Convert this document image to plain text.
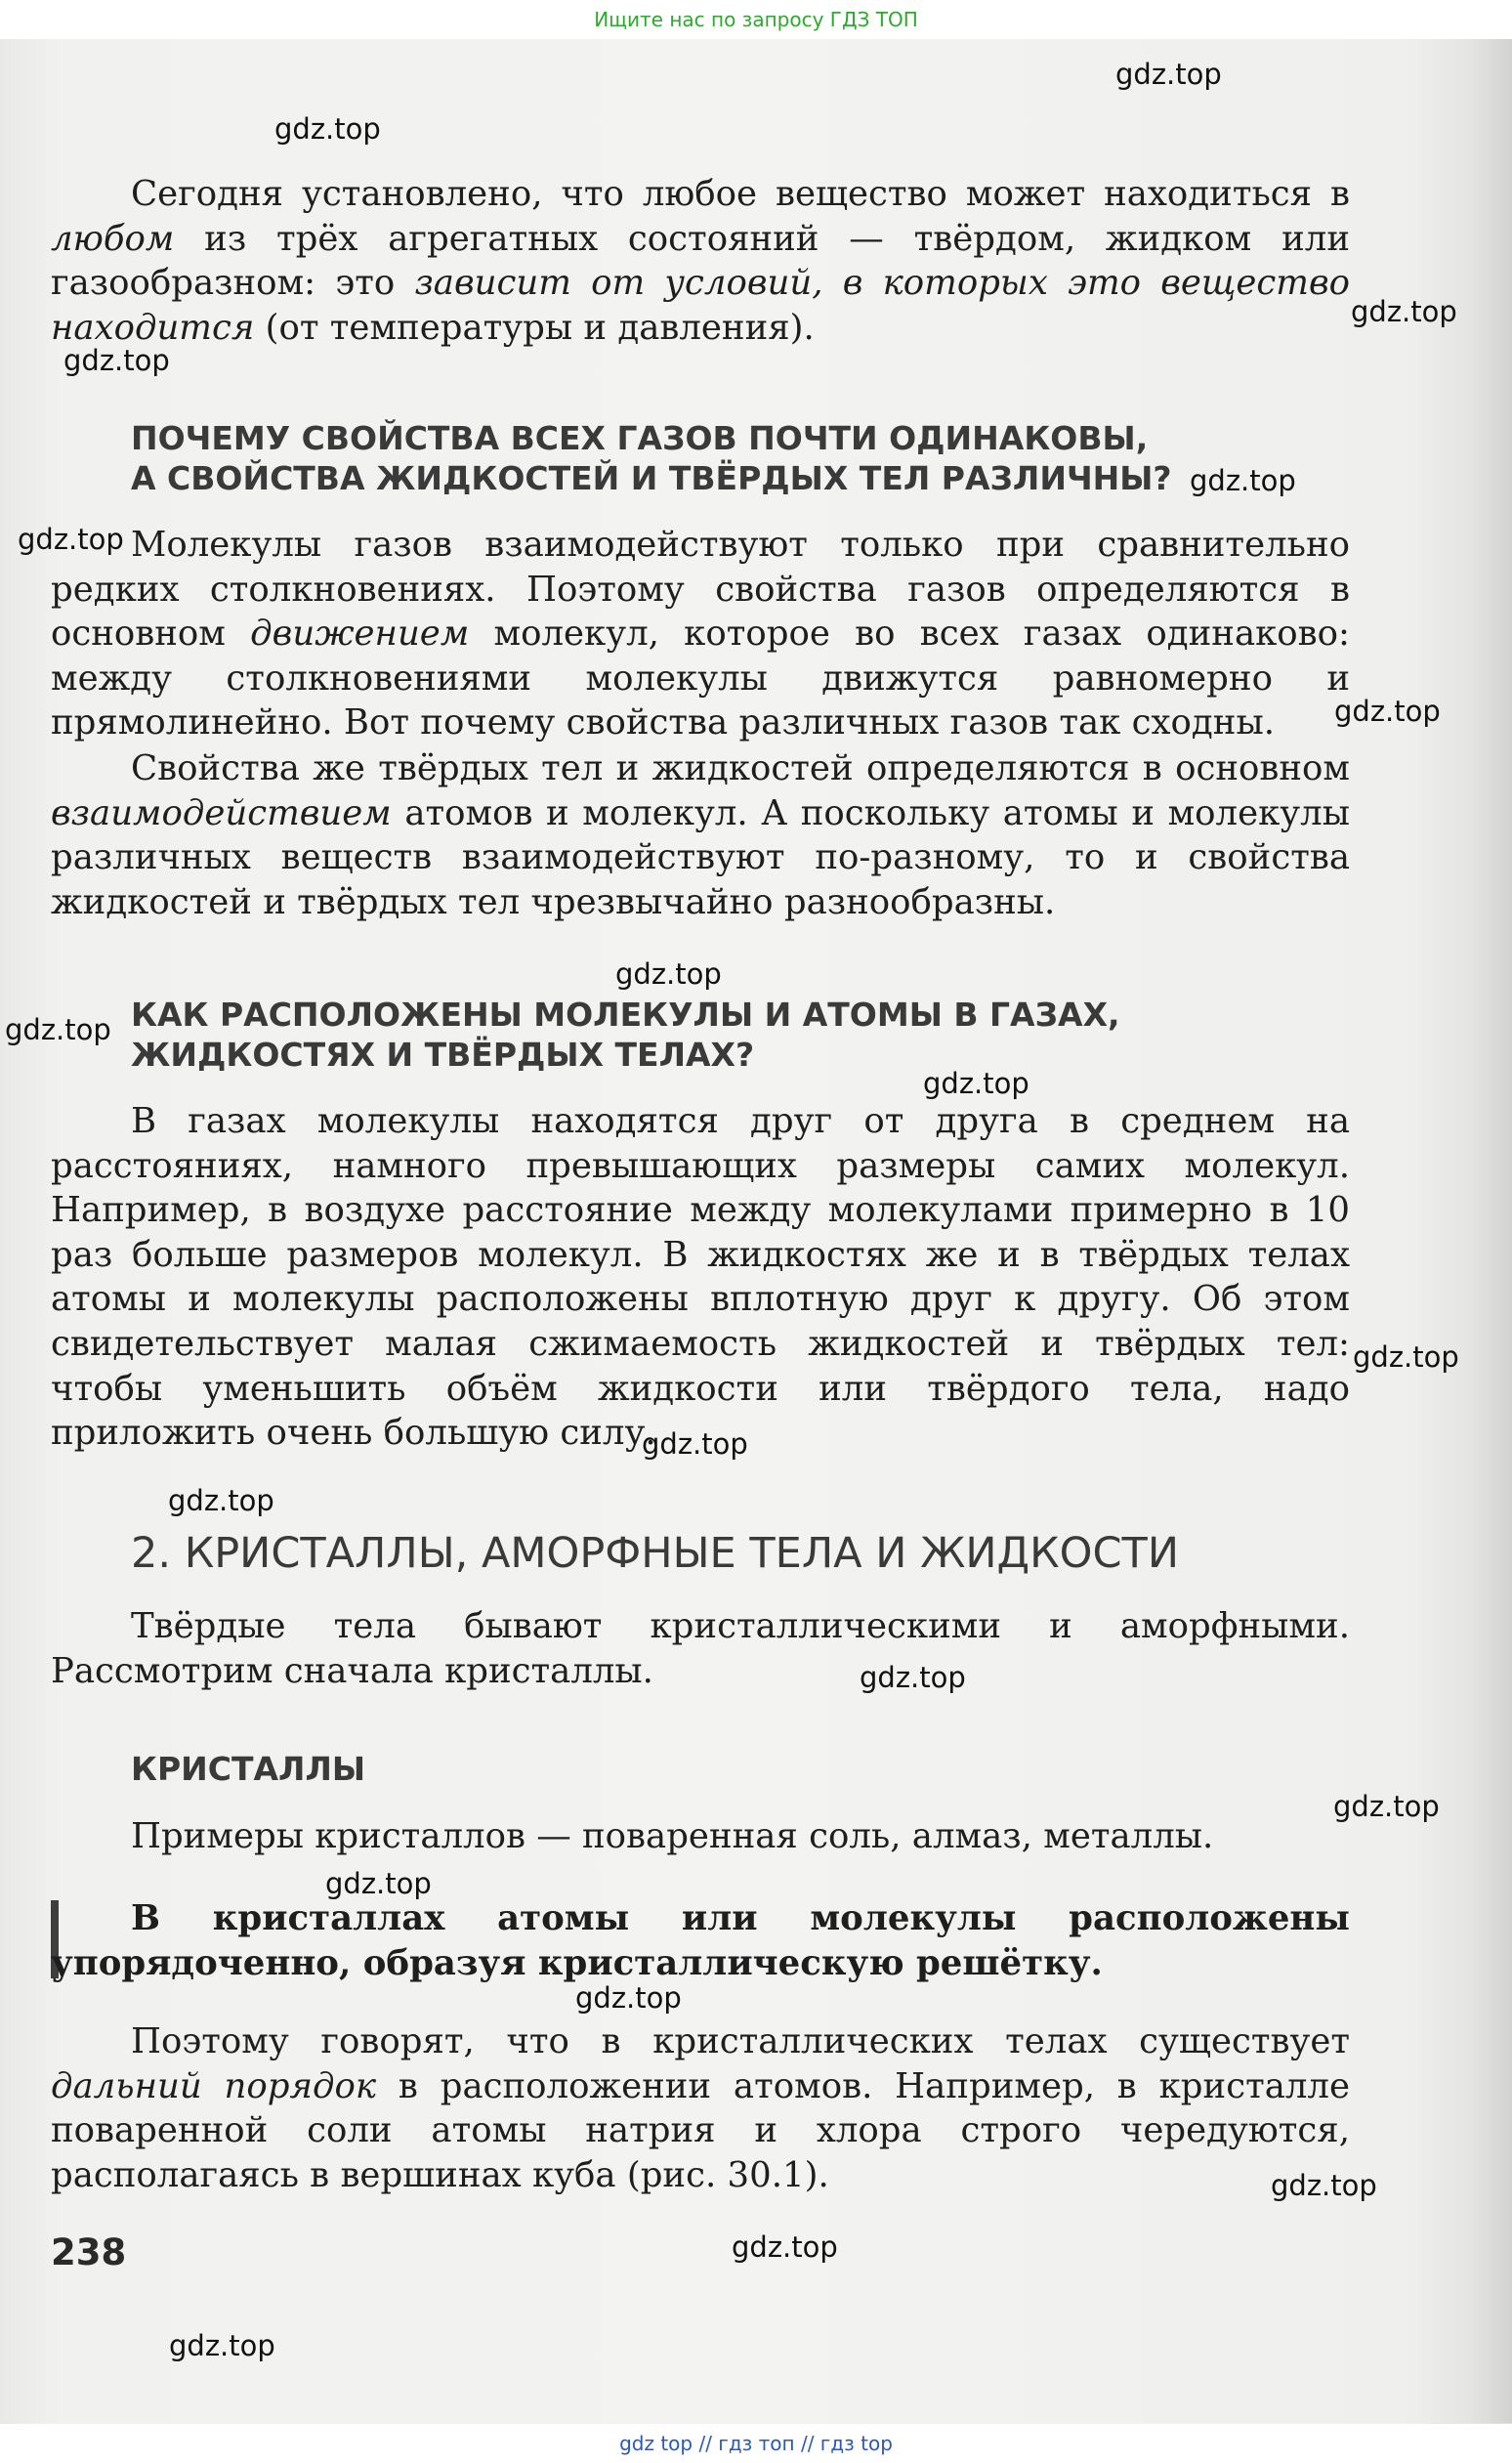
Ищите нас по запросу ГДЗ ТОП

Сегодня установлено, что любое вещество может находиться в любом из трёх агрегатных состояний — твёрдом, жидком или газообразном: это зависит от условий, в которых это вещество находится (от температуры и давления).

ПОЧЕМУ СВОЙСТВА ВСЕХ ГАЗОВ ПОЧТИ ОДИНАКОВЫ,
А СВОЙСТВА ЖИДКОСТЕЙ И ТВЁРДЫХ ТЕЛ РАЗЛИЧНЫ?

Молекулы газов взаимодействуют только при сравнительно редких столкновениях. Поэтому свойства газов определяются в основном движением молекул, которое во всех газах одинаково: между столкновениями молекулы движутся равномерно и прямолинейно. Вот почему свойства различных газов так сходны.

Свойства же твёрдых тел и жидкостей определяются в основном взаимодействием атомов и молекул. А поскольку атомы и молекулы различных веществ взаимодействуют по-разному, то и свойства жидкостей и твёрдых тел чрезвычайно разнообразны.

КАК РАСПОЛОЖЕНЫ МОЛЕКУЛЫ И АТОМЫ В ГАЗАХ,
ЖИДКОСТЯХ И ТВЁРДЫХ ТЕЛАХ?

В газах молекулы находятся друг от друга в среднем на расстояниях, намного превышающих размеры самих молекул. Например, в воздухе расстояние между молекулами примерно в 10 раз больше размеров молекул. В жидкостях же и в твёрдых телах атомы и молекулы расположены вплотную друг к другу. Об этом свидетельствует малая сжимаемость жидкостей и твёрдых тел: чтобы уменьшить объём жидкости или твёрдого тела, надо приложить очень большую силу.

2. КРИСТАЛЛЫ, АМОРФНЫЕ ТЕЛА И ЖИДКОСТИ

Твёрдые тела бывают кристаллическими и аморфными. Рассмотрим сначала кристаллы.

КРИСТАЛЛЫ

Примеры кристаллов — поваренная соль, алмаз, металлы.

В кристаллах атомы или молекулы расположены упорядоченно, образуя кристаллическую решётку.

Поэтому говорят, что в кристаллических телах существует дальний порядок в расположении атомов. Например, в кристалле поваренной соли атомы натрия и хлора строго чередуются, располагаясь в вершинах куба (рис. 30.1).

238
gdz.top
gdz.top
gdz.top
gdz.top
gdz.top
gdz.top
gdz.top
gdz.top
gdz.top
gdz.top
gdz.top
gdz.top
gdz.top
gdz.top
gdz.top
gdz.top
gdz.top
gdz.top
gdz.top
gdz.top
gdz top // гдз топ // гдз top
